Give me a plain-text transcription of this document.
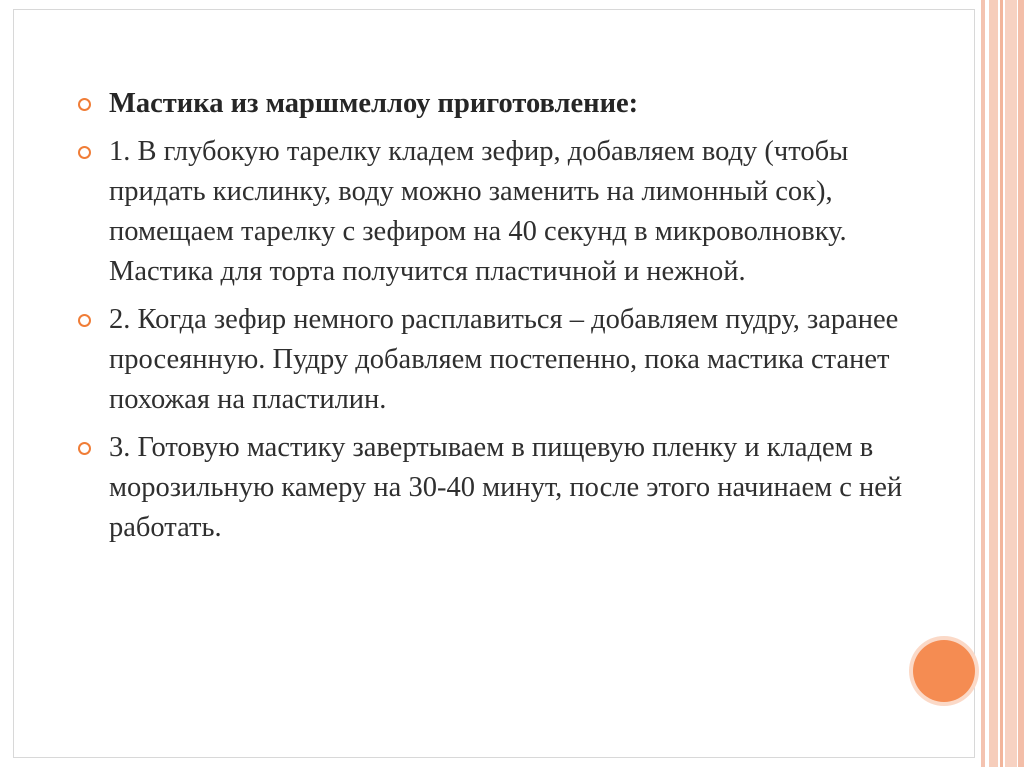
Мастика из маршмеллоу приготовление:
1. В глубокую тарелку кладем зефир, добавляем воду (чтобы придать кислинку, воду можно заменить на лимонный сок), помещаем тарелку с зефиром на 40 секунд в микроволновку. Мастика для торта получится пластичной и нежной.
2. Когда зефир немного расплавиться – добавляем пудру, заранее просеянную. Пудру добавляем постепенно, пока мастика станет похожая на пластилин.
3. Готовую мастику завертываем в пищевую пленку и кладем в морозильную камеру на 30-40 минут, после этого начинаем с ней работать.
